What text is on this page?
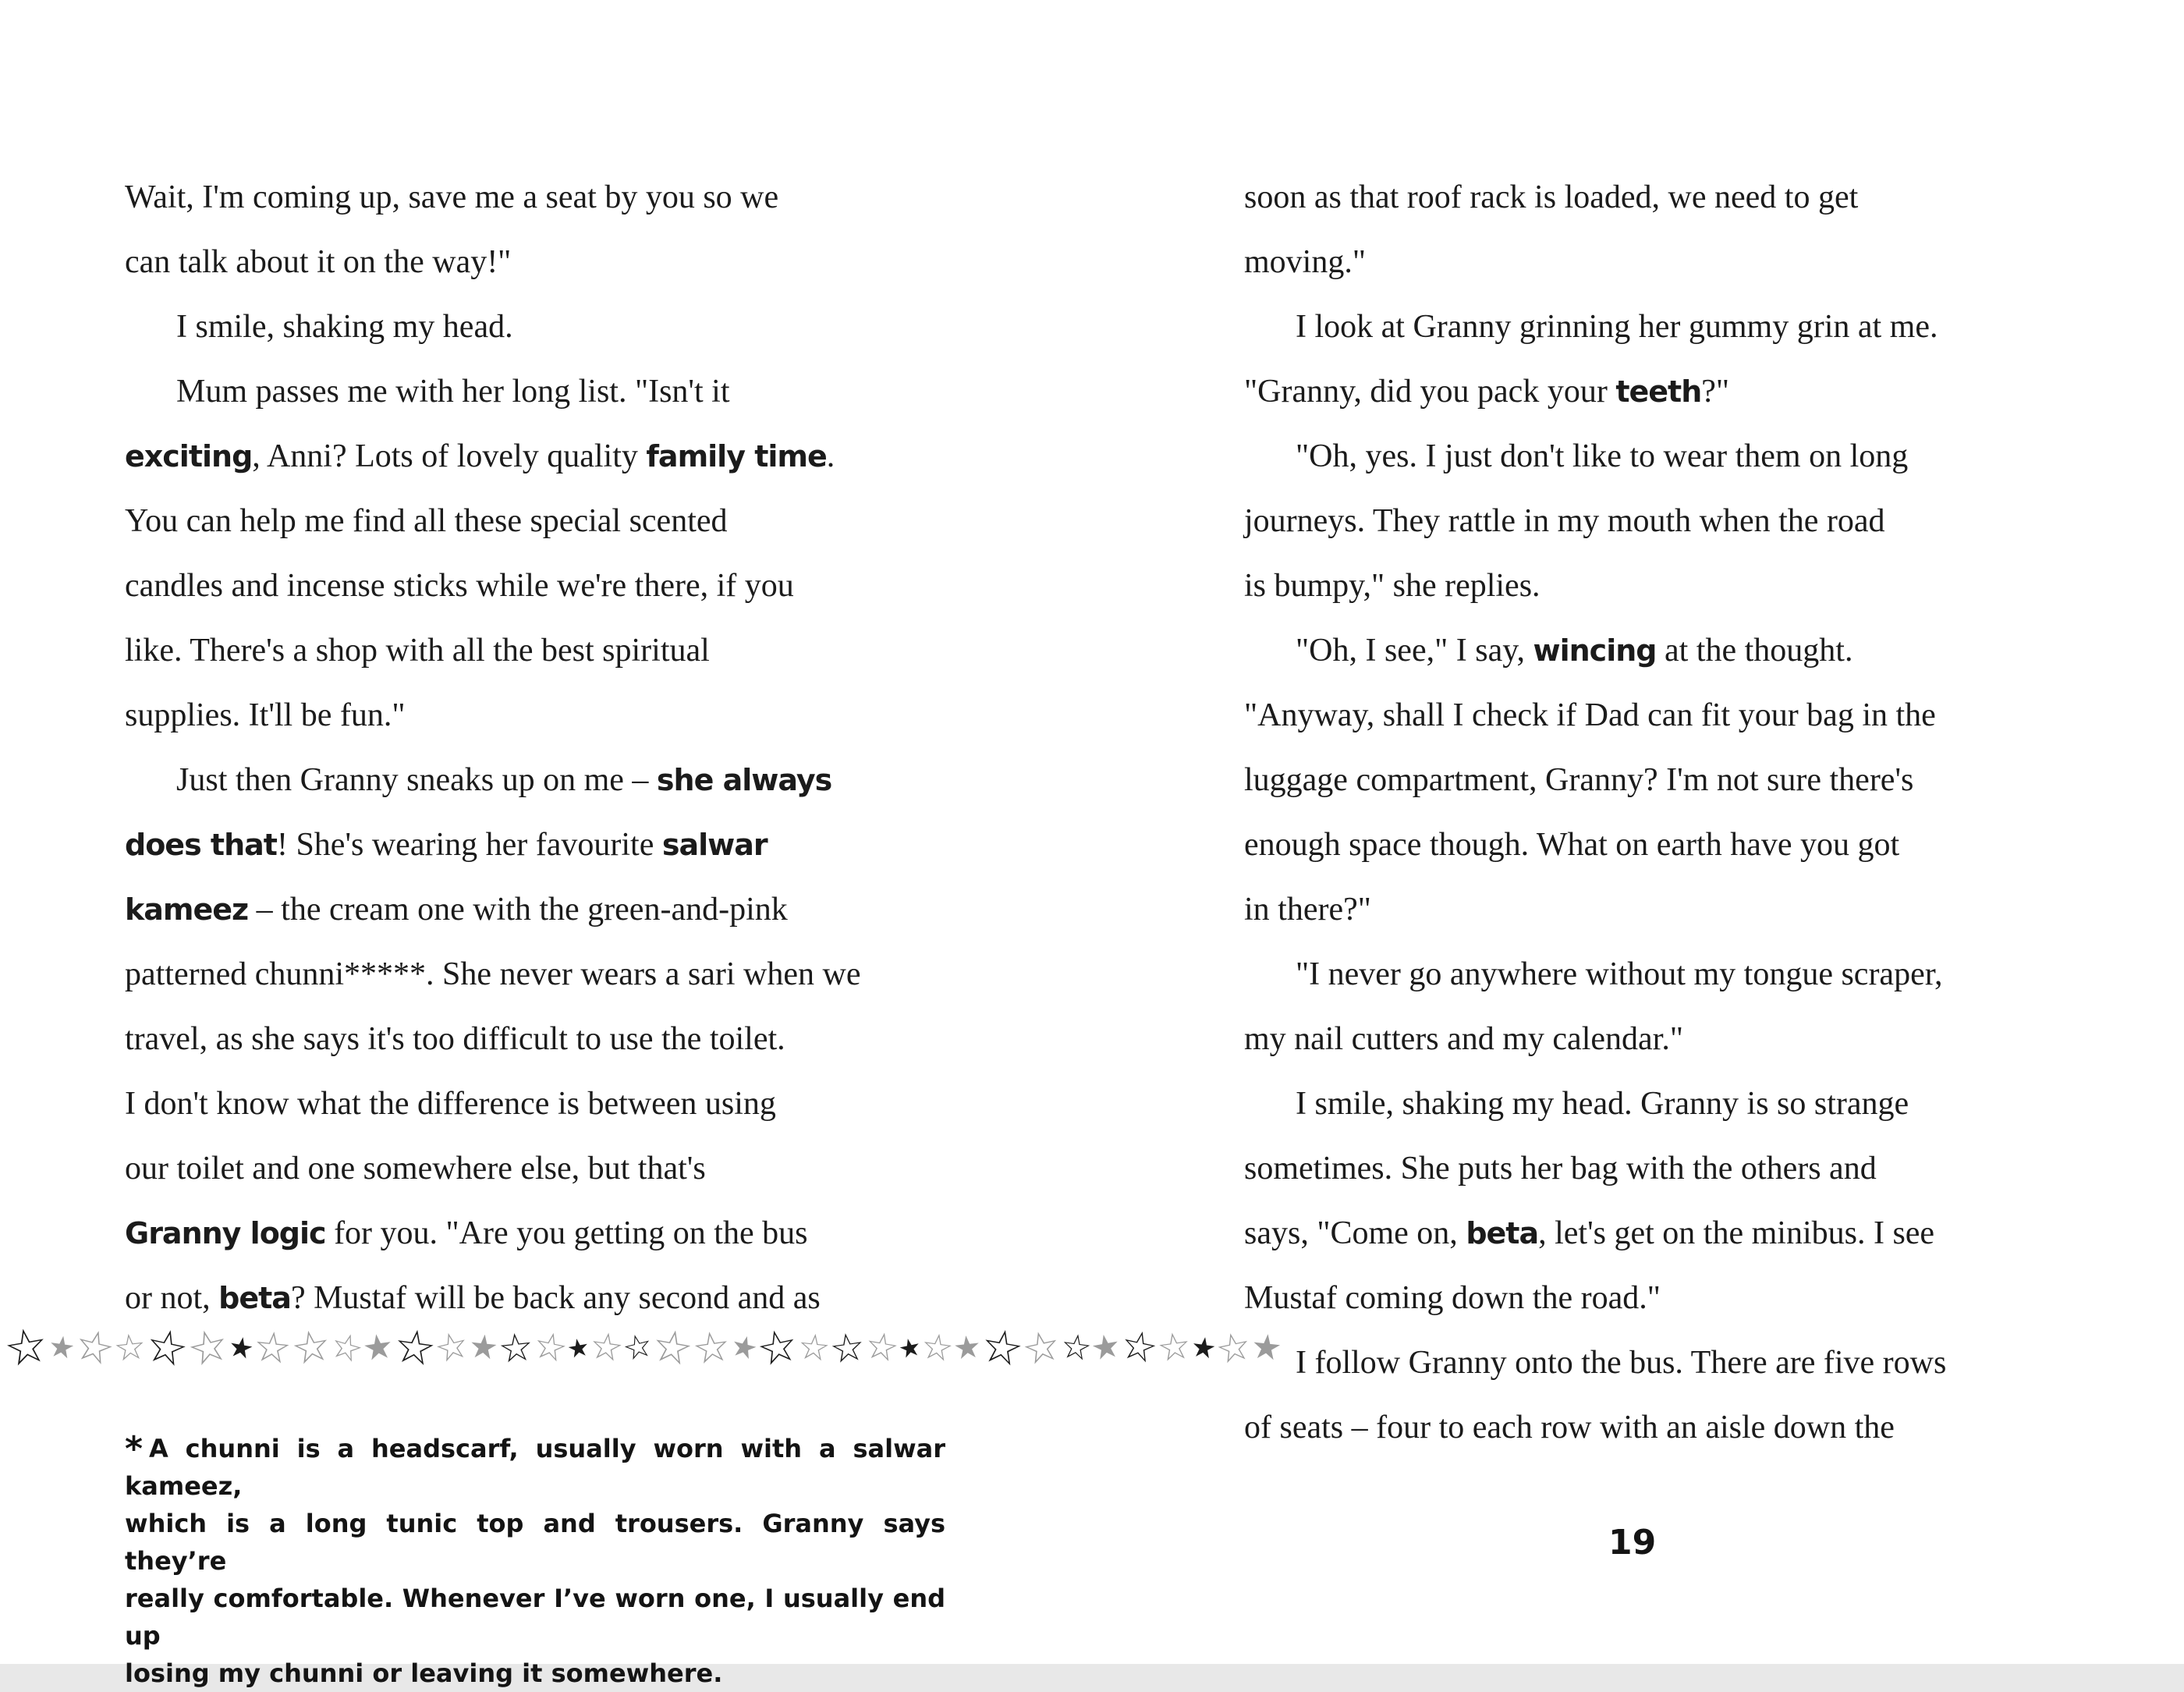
Wait, I'm coming up, save me a seat by you so we
can talk about it on the way!"
I smile, shaking my head.
Mum passes me with her long list. "Isn't it
exciting, Anni? Lots of lovely quality family time.
You can help me find all these special scented
candles and incense sticks while we're there, if you
like. There's a shop with all the best spiritual
supplies. It'll be fun."
Just then Granny sneaks up on me – she always
does that! She's wearing her favourite salwar
kameez – the cream one with the green-and-pink
patterned chunni*****. She never wears a sari when we
travel, as she says it's too difficult to use the toilet.
I don't know what the difference is between using
our toilet and one somewhere else, but that's
Granny logic for you. "Are you getting on the bus
or not, beta? Mustaf will be back any second and as
soon as that roof rack is loaded, we need to get
moving."
I look at Granny grinning her gummy grin at me.
"Granny, did you pack your teeth?"
"Oh, yes. I just don't like to wear them on long
journeys. They rattle in my mouth when the road
is bumpy," she replies.
"Oh, I see," I say, wincing at the thought.
"Anyway, shall I check if Dad can fit your bag in the
luggage compartment, Granny? I'm not sure there's
enough space though. What on earth have you got
in there?"
"I never go anywhere without my tongue scraper,
my nail cutters and my calendar."
I smile, shaking my head. Granny is so strange
sometimes. She puts her bag with the others and
says, "Come on, beta, let's get on the minibus. I see
Mustaf coming down the road."
I follow Granny onto the bus. There are five rows
of seats – four to each row with an aisle down the
☆
★
☆
☆
☆
☆
★
☆
☆
☆
★
☆
☆
★
☆
☆
★
☆
☆
☆
☆
★
☆
☆
☆
☆
★
☆
★
☆
☆
☆
★
☆
☆
★
☆
★
* A chunni is a headscarf, usually worn with a salwar kameez,
which is a long tunic top and trousers. Granny says they’re
really comfortable. Whenever I’ve worn one, I usually end up
losing my chunni or leaving it somewhere.
19
